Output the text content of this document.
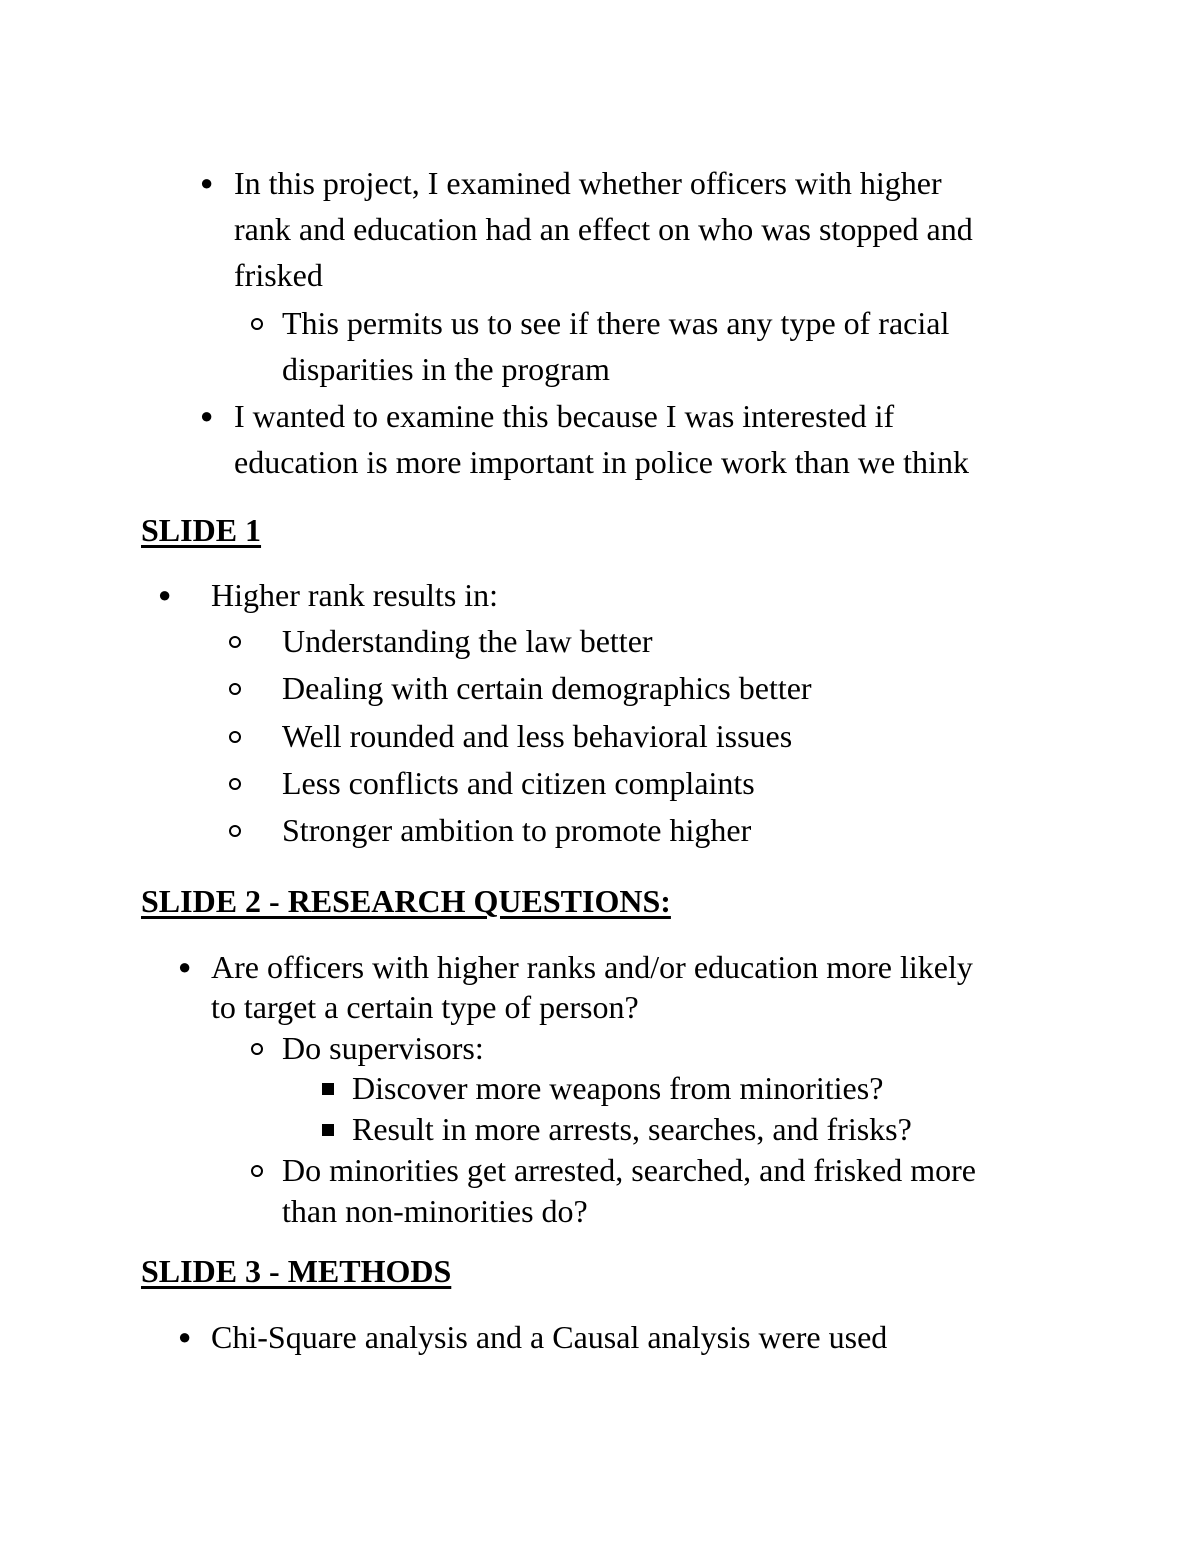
● In this project, I examined whether officers with higher
rank and education had an effect on who was stopped and
frisked
This permits us to see if there was any type of racial
disparities in the program
● I wanted to examine this because I was interested if
education is more important in police work than we think
SLIDE 1
● Higher rank results in:
Understanding the law better
Dealing with certain demographics better
Well rounded and less behavioral issues
Less conflicts and citizen complaints
Stronger ambition to promote higher
SLIDE 2 - RESEARCH QUESTIONS:
● Are officers with higher ranks and/or education more likely
to target a certain type of person?
Do supervisors:
Discover more weapons from minorities?
Result in more arrests, searches, and frisks?
Do minorities get arrested, searched, and frisked more
than non-minorities do?
SLIDE 3 - METHODS
● Chi-Square analysis and a Causal analysis were used
